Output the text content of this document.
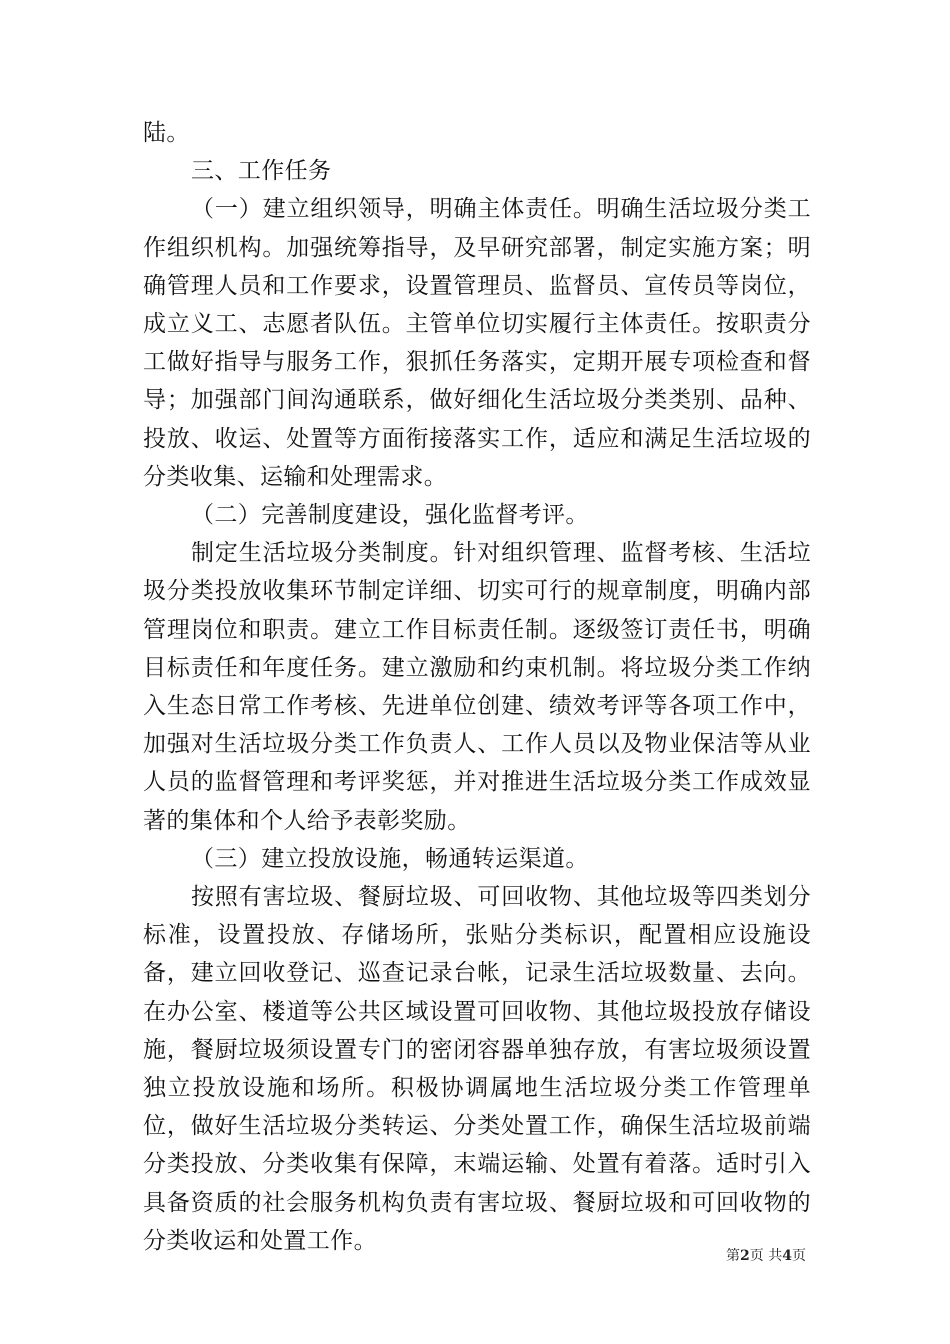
陆。

三、工作任务

（一）建立组织领导，明确主体责任。明确生活垃圾分类工作组织机构。加强统筹指导，及早研究部署，制定实施方案；明确管理人员和工作要求，设置管理员、监督员、宣传员等岗位，成立义工、志愿者队伍。主管单位切实履行主体责任。按职责分工做好指导与服务工作，狠抓任务落实，定期开展专项检查和督导；加强部门间沟通联系，做好细化生活垃圾分类类别、品种、投放、收运、处置等方面衔接落实工作，适应和满足生活垃圾的分类收集、运输和处理需求。

（二）完善制度建设，强化监督考评。

制定生活垃圾分类制度。针对组织管理、监督考核、生活垃圾分类投放收集环节制定详细、切实可行的规章制度，明确内部管理岗位和职责。建立工作目标责任制。逐级签订责任书，明确目标责任和年度任务。建立激励和约束机制。将垃圾分类工作纳入生态日常工作考核、先进单位创建、绩效考评等各项工作中，加强对生活垃圾分类工作负责人、工作人员以及物业保洁等从业人员的监督管理和考评奖惩，并对推进生活垃圾分类工作成效显著的集体和个人给予表彰奖励。

（三）建立投放设施，畅通转运渠道。

按照有害垃圾、餐厨垃圾、可回收物、其他垃圾等四类划分标准，设置投放、存储场所，张贴分类标识，配置相应设施设备，建立回收登记、巡查记录台帐，记录生活垃圾数量、去向。在办公室、楼道等公共区域设置可回收物、其他垃圾投放存储设施，餐厨垃圾须设置专门的密闭容器单独存放，有害垃圾须设置独立投放设施和场所。积极协调属地生活垃圾分类工作管理单位，做好生活垃圾分类转运、分类处置工作，确保生活垃圾前端分类投放、分类收集有保障，末端运输、处置有着落。适时引入具备资质的社会服务机构负责有害垃圾、餐厨垃圾和可回收物的分类收运和处置工作。

第2页 共4页
